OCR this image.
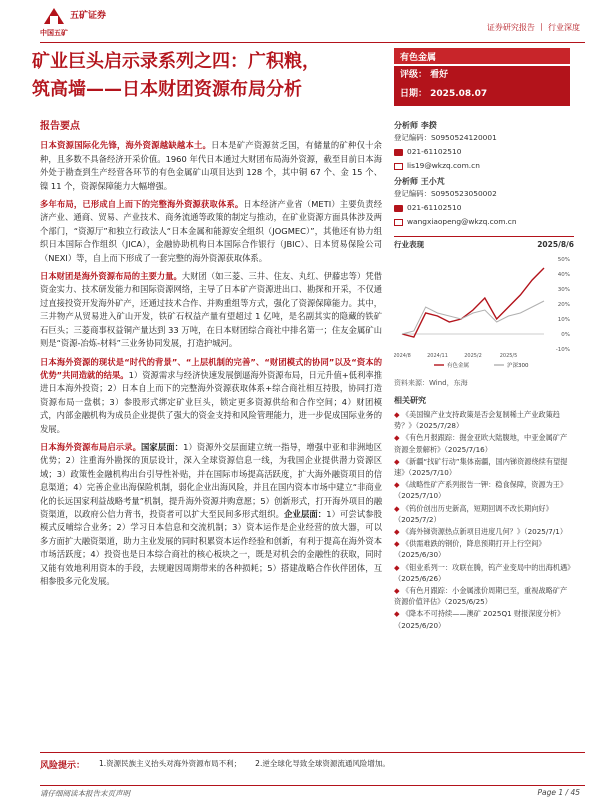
五矿证券
中国五矿
证券研究报告 丨 行业深度
矿业巨头启示录系列之四：广积粮，
筑高墙——日本财团资源布局分析
有色金属
评级： 看好
日期： 2025.08.07
报告要点
日本资源国际化先锋，海外资源越缺越本土。日本是矿产资源贫乏国，有储量的矿种仅十余种，且多数不具备经济开采价值。1960 年代日本通过大财团布局海外资源，截至目前日本海外处于勘查到生产经营各环节的有色金属矿山项目达到 128 个，其中铜 67 个、金 15 个、镍 11 个，资源保障能力大幅增强。
多年布局，已形成自上而下的完整海外资源获取体系。日本经济产业省（METI）主要负责经济产业、通商、贸易、产业技术、商务流通等政策的制定与推动，在矿业资源方面具体涉及两个部门，“资源厅”和独立行政法人“日本金属和能源安全组织（JOGMEC）”，其他还有协力组织日本国际合作组织（JICA），金融协助机构日本国际合作银行（JBIC）、日本贸易保险公司（NEXI）等，自上而下形成了一套完整的海外资源获取体系。
日本财团是海外资源布局的主要力量。大财团（如三菱、三井、住友、丸红、伊藤忠等）凭借资金实力、技术研发能力和国际资源网络，主导了日本矿产资源进出口、勘探和开采，不仅通过直接投资开发海外矿产，还通过技术合作、并购重组等方式，强化了资源保障能力。其中，三井物产从贸易进入矿山开发，铁矿石权益产量有望超过 1 亿吨，是名副其实的隐藏的铁矿石巨头；三菱商事权益铜产量达到 33 万吨，在日本财团综合商社中排名第一；住友金属矿山则是“资源-冶炼-材料”三业务协同发展，打造护城河。
日本海外资源的现状是“时代的背景”、“上层机制的完善”、“财团模式的协同”以及“资本的优势”共同造就的结果。1）资源需求与经济快速发展倒逼海外资源布局，日元升值+低利率推进日本海外投资；2）日本自上而下的完整海外资源获取体系+综合商社相互持股，协同打造资源布局一盘棋；3）参股形式绑定矿业巨头，锁定更多资源供给和合作空间；4）财团模式，内部金融机构为成员企业提供了强大的资金支持和风险管理能力，进一步促成国际业务的发展。
日本海外资源布局启示录。国家层面：1）资源外交层面建立统一指导，增强中亚和非洲地区优势；2）注重海外勘探的顶层设计，深入全球资源信息一线，为我国企业提供潜力资源区域；3）政策性金融机构出台引导性补贴，并在国际市场提高活跃度，扩大海外融资项目的信息渠道；4）完善企业出海保险机制，弱化企业出海风险，并且在国内资本市场中建立“非商业化的长远国家利益战略考量”机制，提升海外资源并购意愿；5）创新形式，打开海外项目的融资渠道，以政府公信力背书，投资者可以扩大至民间多形式组织。企业层面：1）可尝试参股模式反哺综合业务；2）学习日本信息和交流机制；3）资本运作是企业经营的放大器，可以多方面扩大融资渠道，助力主业发展的同时积累资本运作经验和创新，有利于提高在海外资本市场活跃度；4）投资也是日本综合商社的核心板块之一，既是对机会的金融性的获取，同时又能有效地利用资本的手段，去规避因周期带来的各种损耗；5）搭建战略合作伙伴团体，互相参股多元化发展。
分析师 李揆
登记编码：S0950524120001
021-61102510
lis19@wkzq.com.cn
分析师 王小芃
登记编码：S0950523050002
021-61102510
wangxiaopeng@wkzq.com.cn
行业表现	2025/8/6
50%
40%
30%
20%
10%
0%
-10%
2024/8	2024/11	2025/2	2025/5
有色金属	沪深300
资料来源：Wind，东海
相关研究
◆ 《美国镍产业支持政策是否会复制稀土产业政策趋势？》（2025/7/28）
◆ 《有色月报跟踪：掘金亚欧大陆腹地，中亚金属矿产资源全景解析》（2025/7/16）
◆ 《新疆“找矿行动”集体南疆，国内锑资源绕续有望提速》（2025/7/10）
◆ 《战略性矿产系列报告一钾：稳食保障，资源为王》（2025/7/10）
◆ 《钨价创出历史新高，短期回调不改长期向好》（2025/7/2）
◆ 《海外锑资源热点新项目进度几何？》（2025/7/1）
◆ 《供需难跌的钢价，降息预期打开上行空间》（2025/6/30）
◆ 《钼业系列一：攻联在腾，钨产业变局中的出海机遇》（2025/6/26）
◆ 《有色月跟踪：小金属涨价周期已至，重视战略矿产资源价值评估》（2025/6/25）
◆ 《降本不可持续——澳矿 2025Q1 财报深度分析》（2025/6/20）
风险提示： 1.资源民族主义抬头对海外资源布局不利； 2.逆全球化导致全球资源流通风险增加。
请仔细阅读本报告末页声明	Page 1 / 45
